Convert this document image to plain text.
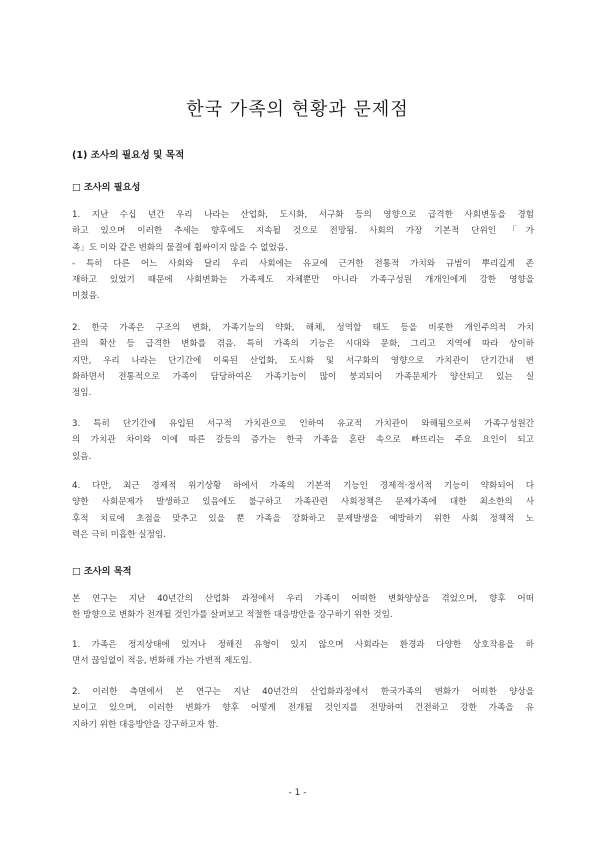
한국 가족의 현황과 문제점
(1) 조사의 필요성 및 목적
□ 조사의 필요성
1. 지난 수십 년간 우리 나라는 산업화, 도시화, 서구화 등의 영향으로 급격한 사회변동을 경험
하고 있으며 이러한 추세는 향후에도 지속될 것으로 전망됨. 사회의 가장 기본적 단위인 「가
족」도 이와 같은 변화의 물결에 휩싸이지 않을 수 없었음.
- 특히 다른 어느 사회와 달리 우리 사회에는 유교에 근거한 전통적 가치와 규범이 뿌리깊게 존
재하고 있었기 때문에 사회변화는 가족제도 자체뿐만 아니라 가족구성원 개개인에게 강한 영향을
미쳤음.
2. 한국 가족은 구조의 변화, 가족기능의 약화, 해체, 성역할 태도 등을 비롯한 개인주의적 가치
관의 확산 등 급격한 변화를 겪음. 특히 가족의 기능은 시대와 문화, 그리고 지역에 따라 상이하
지만, 우리 나라는 단기간에 이룩된 산업화, 도시화 및 서구화의 영향으로 가치관이 단기간내 변
화하면서 전통적으로 가족이 담당하여온 가족기능이 많이 붕괴되어 가족문제가 양산되고 있는 실
정임.
3. 특히 단기간에 유입된 서구적 가치관으로 인하여 유교적 가치관이 와해됨으로써 가족구성원간
의 가치관 차이와 이에 따른 갈등의 증가는 한국 가족을 혼란 속으로 빠뜨리는 주요 요인이 되고
있음.
4. 다만, 최근 경제적 위기상황 하에서 가족의 기본적 기능인 경제적·정서적 기능이 약화되어 다
양한 사회문제가 발생하고 있음에도 불구하고 가족관련 사회정책은 문제가족에 대한 최소한의 사
후적 치료에 초점을 맞추고 있을 뿐 가족을 강화하고 문제발생을 예방하기 위한 사회 정책적 노
력은 극히 미흡한 실정임.
□ 조사의 목적
본 연구는 지난 40년간의 산업화 과정에서 우리 가족이 어떠한 변화양상을 겪었으며, 향후 어떠
한 방향으로 변화가 전개될 것인가를 살펴보고 적절한 대응방안을 강구하기 위한 것임.
1. 가족은 정지상태에 있거나 정해진 유형이 있지 않으며 사회라는 환경과 다양한 상호작용을 하
면서 끊임없이 적응, 변화해 가는 가변적 제도임.
2. 이러한 측면에서 본 연구는 지난 40년간의 산업화과정에서 한국가족의 변화가 어떠한 양상을
보이고 있으며, 이러한 변화가 향후 어떻게 전개될 것인지를 전망하여 건전하고 강한 가족을 유
지하기 위한 대응방안을 강구하고자 함.
- 1 -
